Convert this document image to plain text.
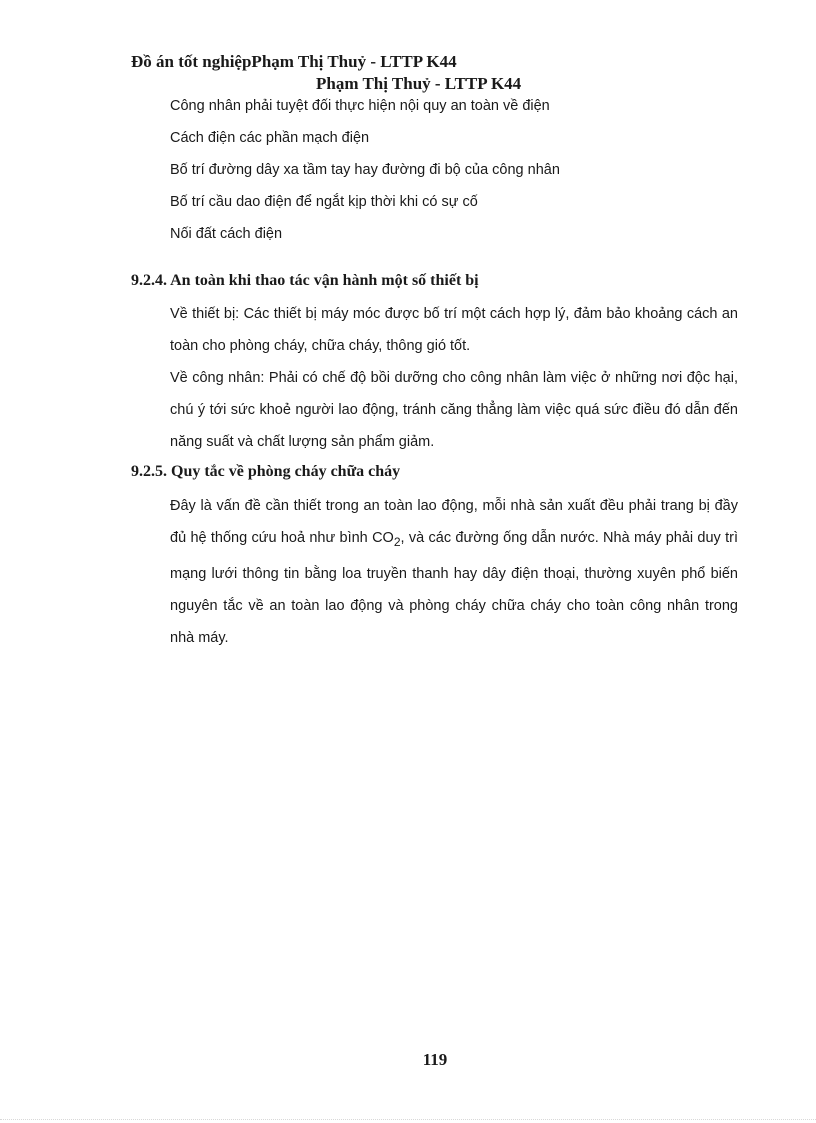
Đồ án tốt nghiệpPhạm Thị Thuỷ - LTTP K44
Phạm Thị Thuỷ - LTTP K44
Công nhân phải tuyệt đối thực hiện nội quy an toàn về điện
Cách điện các phần mạch điện
Bố trí đường dây xa tầm tay hay đường đi bộ của công nhân
Bố trí cầu dao điện để ngắt kịp thời khi có sự cố
Nối đất cách điện
9.2.4. An toàn khi thao tác vận hành một số thiết bị

Về thiết bị: Các thiết bị máy móc được bố trí một cách hợp lý, đảm bảo khoảng cách an toàn cho phòng cháy, chữa cháy, thông gió tốt.

Về công nhân: Phải có chế độ bồi dưỡng cho công nhân làm việc ở những nơi độc hại, chú ý tới sức khoẻ người lao động, tránh căng thẳng làm việc quá sức điều đó dẫn đến năng suất và chất lượng sản phẩm giảm.

9.2.5. Quy tắc về phòng cháy chữa cháy

Đây là vấn đề cần thiết trong an toàn lao động, mỗi nhà sản xuất đều phải trang bị đầy đủ hệ thống cứu hoả như bình $CO_2$, và các đường ống dẫn nước. Nhà máy phải duy trì mạng lưới thông tin bằng loa truyền thanh hay dây điện thoại, thường xuyên phổ biến nguyên tắc về an toàn lao động và phòng cháy chữa cháy cho toàn công nhân trong nhà máy.

119
